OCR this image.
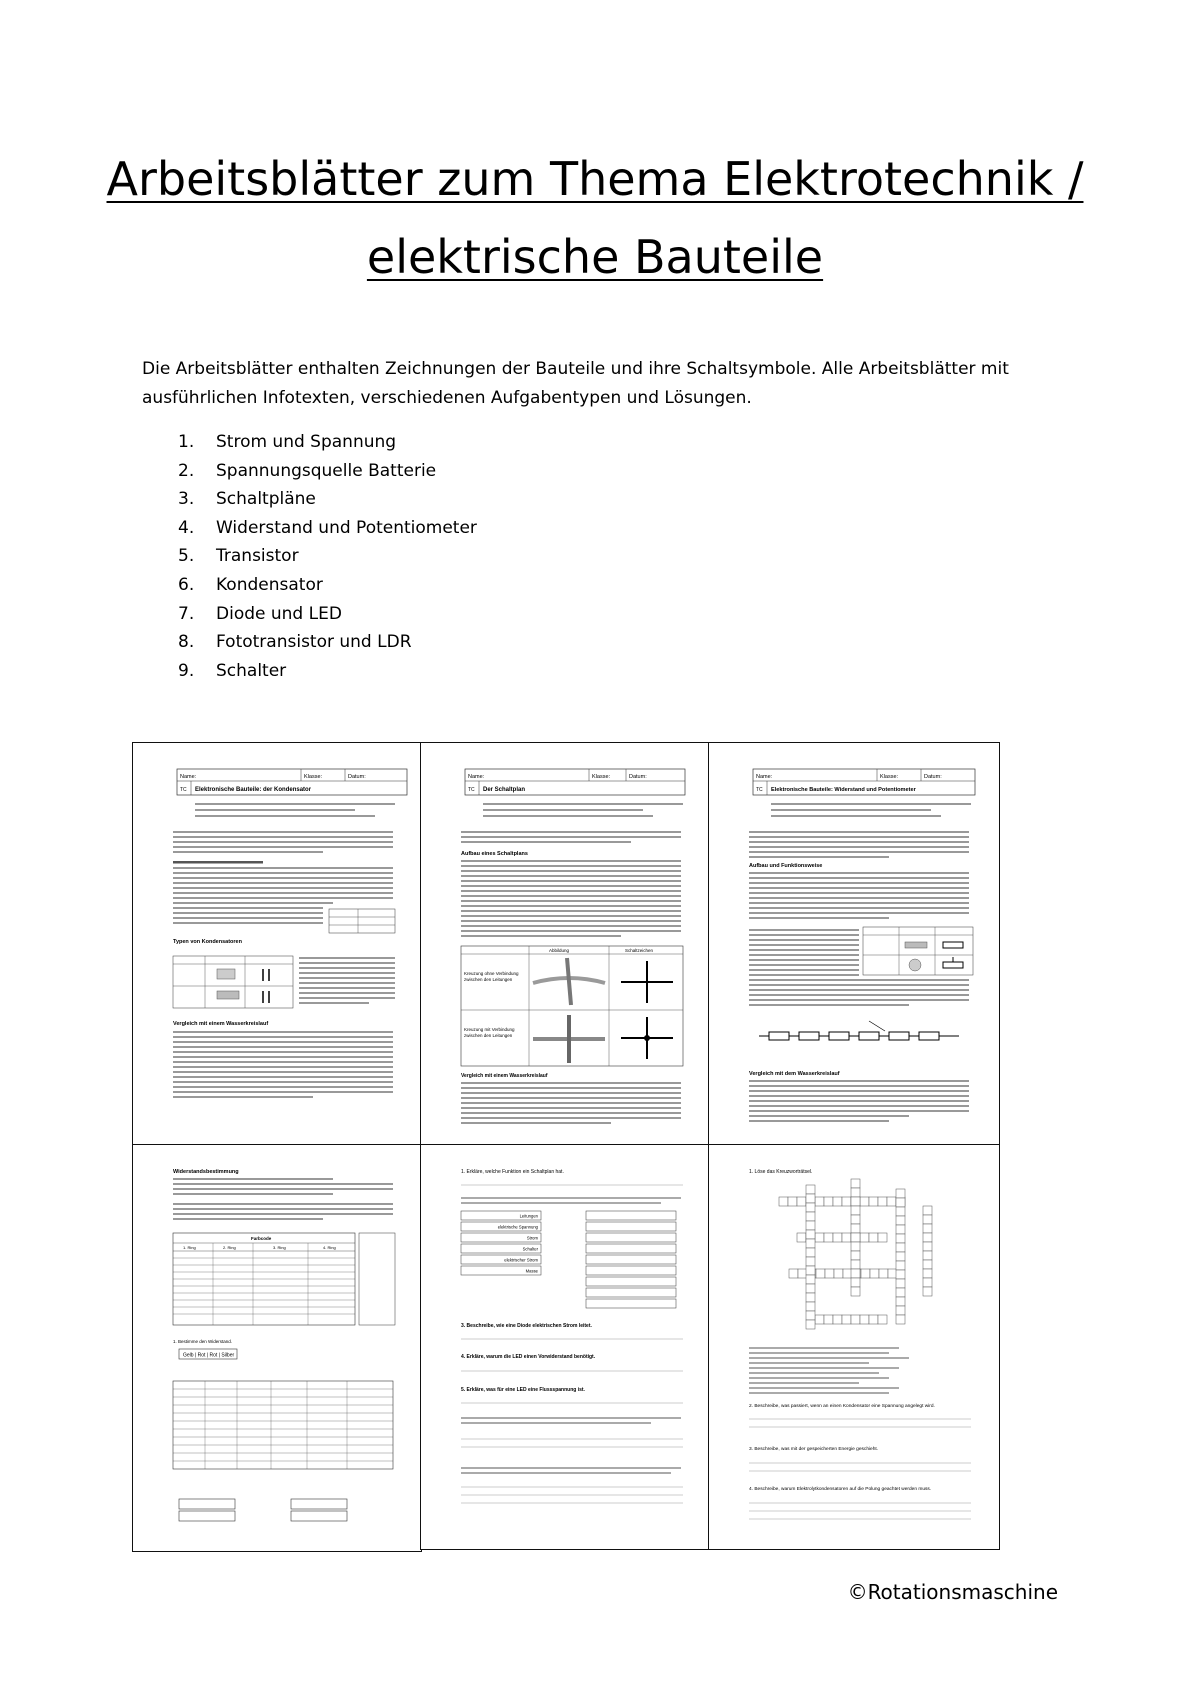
Arbeitsblätter zum Thema Elektrotechnik /
elektrische Bauteile
Die Arbeitsblätter enthalten Zeichnungen der Bauteile und ihre Schaltsymbole. Alle Arbeitsblätter mit ausführlichen Infotexten, verschiedenen Aufgabentypen und Lösungen.
1.	Strom und Spannung
2.	Spannungsquelle Batterie
3.	Schaltpläne
4.	Widerstand und Potentiometer
5.	Transistor
6.	Kondensator
7.	Diode und LED
8.	Fototransistor und LDR
9.	Schalter
Name:	Klasse:	Datum:
TC Elektronische Bauteile: der Kondensator
Typen von Kondensatoren
Vergleich mit einem Wasserkreislauf
Name:	Klasse:	Datum:
TC Der Schaltplan
Aufbau eines Schaltplans
Abbildung	Schaltzeichen
Kreuzung ohne Verbindung zwischen den Leitungen
Kreuzung mit Verbindung zwischen den Leitungen
Vergleich mit einem Wasserkreislauf
Name:	Klasse:	Datum:
TC Elektronische Bauteile: Widerstand und Potentiometer
Aufbau und Funktionsweise
Vergleich mit dem Wasserkreislauf
Widerstandsbestimmung
Farbcode
1. Ring	2. Ring	3. Ring	4. Ring
1. Bestimme den Widerstand.
Gelb | Rot | Rot | Silber
1. Erkläre, welche Funktion ein Schaltplan hat.
Leitungen
elektrische Spannung
Strom
Schalter
elektrischer Strom
Masse
3. Beschreibe, wie eine Diode elektrischen Strom leitet.
4. Erkläre, warum die LED einen Vorwiderstand benötigt.
5. Erkläre, was für eine LED eine Flussspannung ist.
1. Löse das Kreuzworträtsel.
2. Beschreibe, was passiert, wenn an einen Kondensator eine Spannung angelegt wird.
3. Beschreibe, was mit der gespeicherten Energie geschieht.
4. Beschreibe, warum Elektrolytkondensatoren auf die Polung geachtet werden muss.
©Rotationsmaschine
